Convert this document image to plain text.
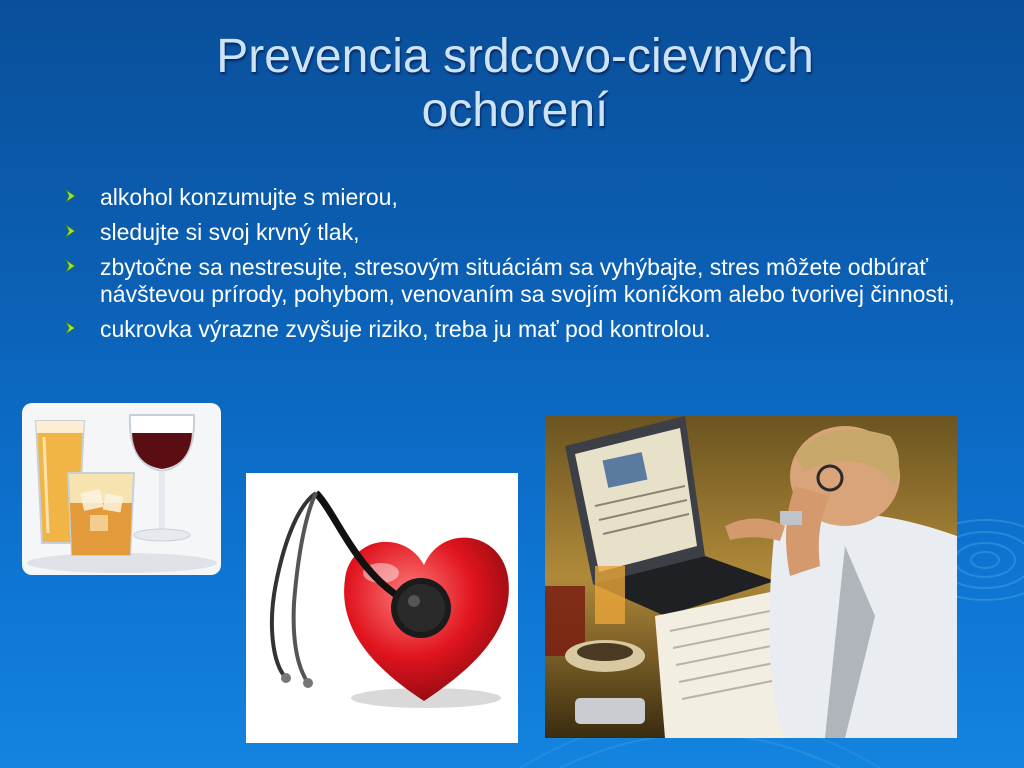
Prevencia srdcovo-cievnych
ochorení
alkohol konzumujte s mierou,
sledujte si svoj krvný tlak,
zbytočne sa nestresujte, stresovým situáciám sa vyhýbajte, stres môžete odbúrať návštevou prírody, pohybom, venovaním sa svojím koníčkom alebo tvorivej činnosti,
cukrovka výrazne zvyšuje riziko, treba ju mať pod kontrolou.
